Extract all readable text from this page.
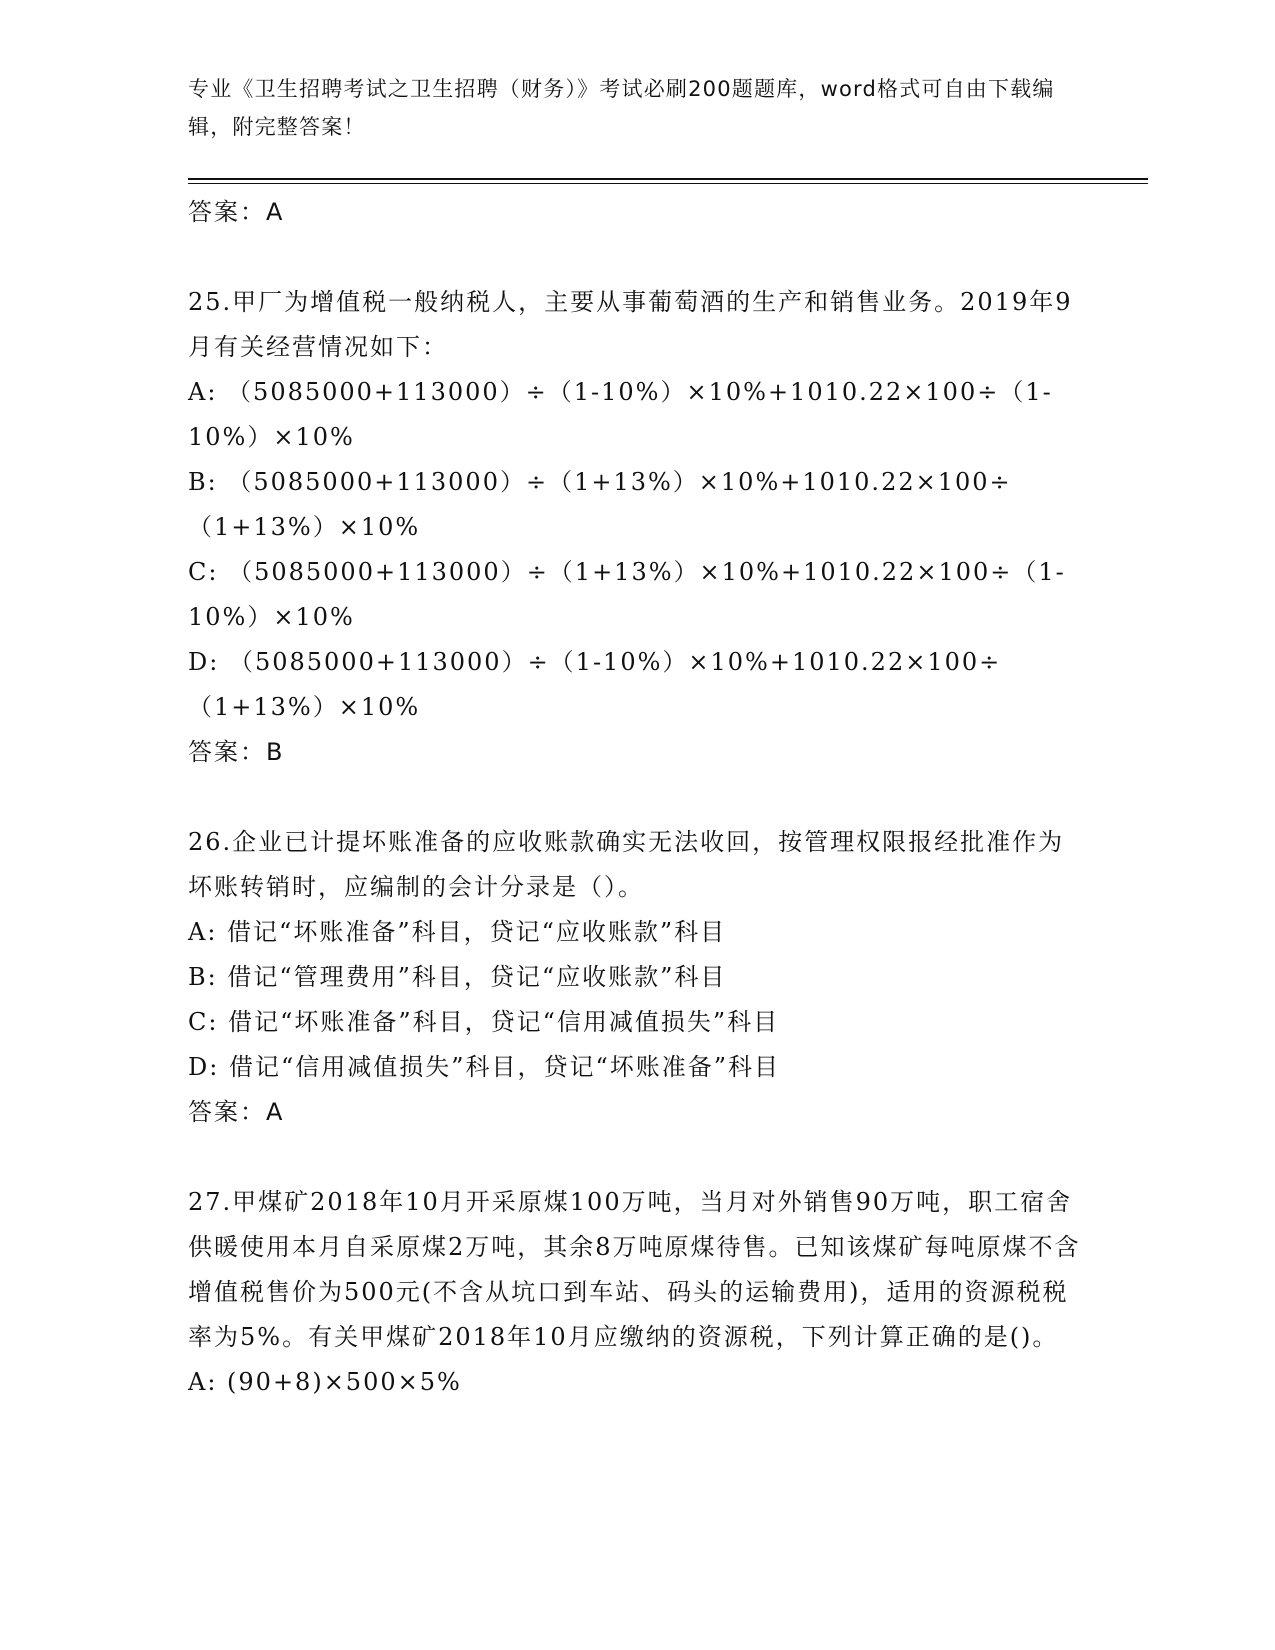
专业《卫生招聘考试之卫生招聘（财务）》考试必刷200题题库，word格式可自由下载编辑，附完整答案！

答案：A

25.甲厂为增值税一般纳税人，主要从事葡萄酒的生产和销售业务。2019年9月有关经营情况如下：

A: （5085000+113000）÷（1-10%）×10%+1010.22×100÷（1-10%）×10%

B: （5085000+113000）÷（1+13%）×10%+1010.22×100÷（1+13%）×10%

C: （5085000+113000）÷（1+13%）×10%+1010.22×100÷（1-10%）×10%

D: （5085000+113000）÷（1-10%）×10%+1010.22×100÷（1+13%）×10%

答案：B

26.企业已计提坏账准备的应收账款确实无法收回，按管理权限报经批准作为坏账转销时，应编制的会计分录是（）。

A: 借记“坏账准备”科目，贷记“应收账款”科目

B: 借记“管理费用”科目，贷记“应收账款”科目

C: 借记“坏账准备”科目，贷记“信用减值损失”科目

D: 借记“信用减值损失”科目，贷记“坏账准备”科目

答案：A

27.甲煤矿2018年10月开采原煤100万吨，当月对外销售90万吨，职工宿舍供暖使用本月自采原煤2万吨，其余8万吨原煤待售。已知该煤矿每吨原煤不含增值税售价为500元(不含从坑口到车站、码头的运输费用)，适用的资源税税率为5%。有关甲煤矿2018年10月应缴纳的资源税，下列计算正确的是()。

A: (90+8)×500×5%
